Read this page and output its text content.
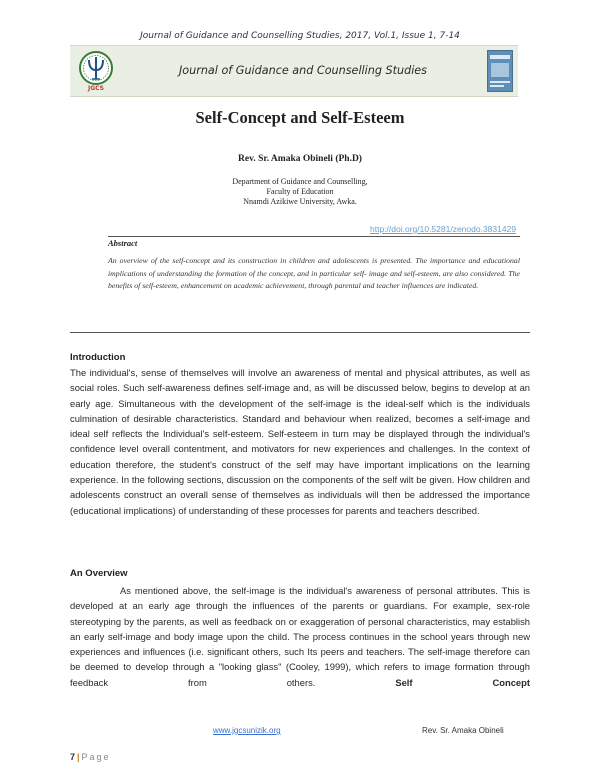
Journal of Guidance and Counselling Studies, 2017, Vol.1, Issue 1, 7-14
Journal of Guidance and Counselling Studies
JGCS
Self-Concept and Self-Esteem
Rev. Sr. Amaka Obineli (Ph.D)
Department of Guidance and Counselling,
Faculty of Education
Nnamdi Azikiwe University, Awka.
http://doi.org/10.5281/zenodo.3831429
Abstract
An overview of the self-concept and its construction in children and adolescents is presented. The importance and educational implications of understanding the formation of the concept, and in particular self- image and self-esteem, are also considered. The benefits of self-esteem, enhancement on academic achievement, through parental and teacher influences are indicated.
Introduction

The individual's, sense of themselves will involve an awareness of mental and physical attributes, as well as social roles. Such self-awareness defines self-image and, as will be discussed below, begins to develop at an early age. Simultaneous with the development of the self-image is the ideal-self which is the individuals culmination of desirable characteristics. Standard and behaviour when realized, becomes a self-image and ideal self reflects the Individual's self-esteem. Self-esteem in turn may be displayed through the individual's confidence level overall contentment, and motivators for new experiences and challenges. In the context of education therefore, the student's construct of the self may have important implications on the learning experience. In the following sections, discussion on the components of the self wilt be given. How children and adolescents construct an overall sense of themselves as individuals will then be addressed the importance (educational implications) of understanding of these processes for parents and teachers described.

An Overview

As mentioned above, the self-image is the individual's awareness of personal attributes. This is developed at an early age through the influences of the parents or guardians. For example, sex-role stereotyping by the parents, as well as feedback on or exaggeration of personal characteristics, may establish an early self-image and body image upon the child. The process continues in the school years through new experiences and influences (i.e. significant others, such Its peers and teachers. The self-image therefore can be deemed to develop through a "looking glass" (Cooley, 1999), which refers to image formation through feedback from others.	Self Concept

www.jgcsunizik.org	Rev. Sr. Amaka Obineli
7 | Page
